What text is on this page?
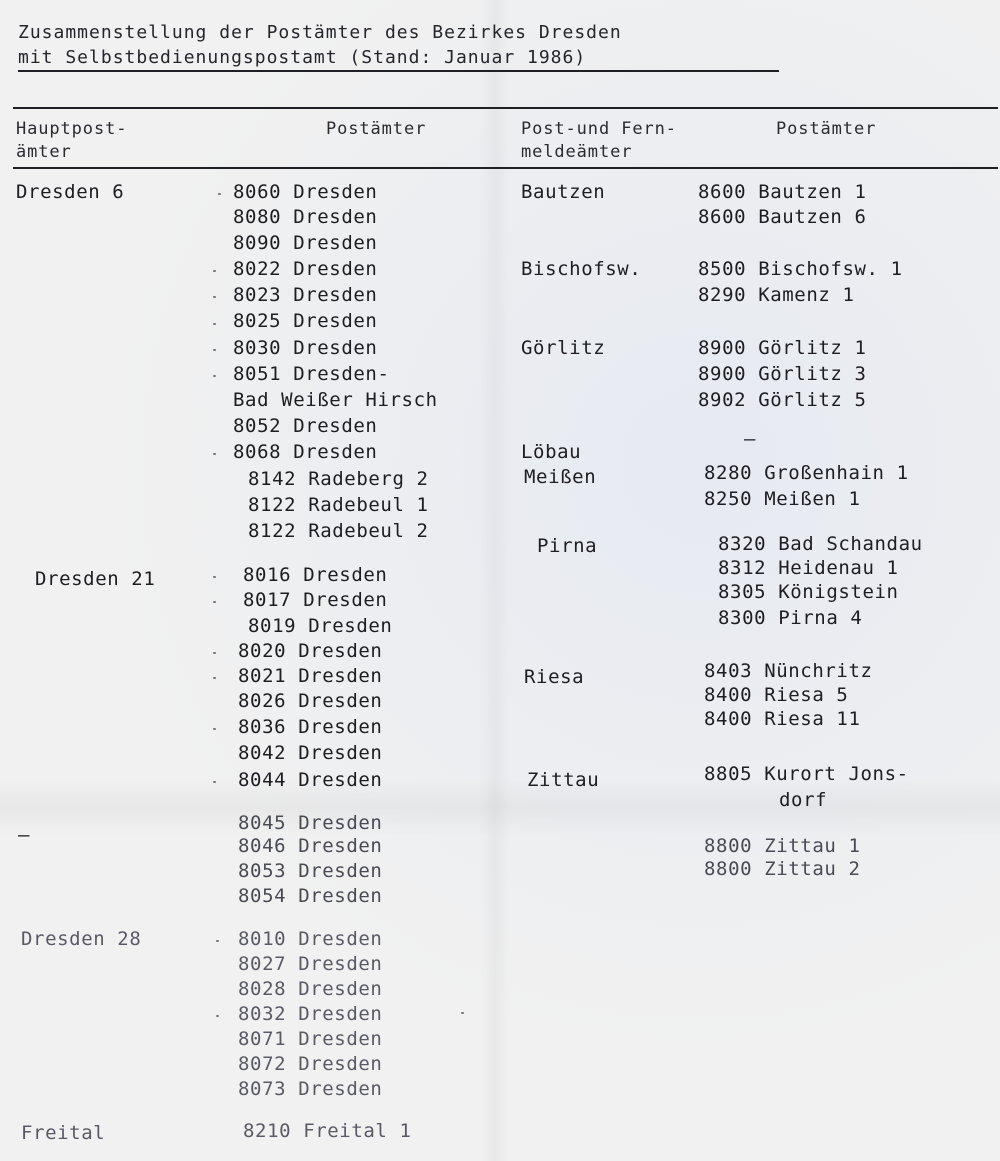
Zusammenstellung der Postämter des Bezirkes Dresden
mit Selbstbedienungspostamt (Stand: Januar 1986)
Hauptpost-
ämter
Postämter	Post-und Fern-
meldeämter
Postämter
Dresden 6	8060 Dresden
8080 Dresden
8090 Dresden
8022 Dresden
8023 Dresden
8025 Dresden
8030 Dresden
8051 Dresden-
Bad Weißer Hirsch
8052 Dresden
8068 Dresden
8142 Radeberg 2
8122 Radebeul 1
8122 Radebeul 2
Dresden 21	8016 Dresden
8017 Dresden
8019 Dresden
8020 Dresden
8021 Dresden
8026 Dresden
8036 Dresden
8042 Dresden
8044 Dresden
–
8045 Dresden
8046 Dresden
8053 Dresden
8054 Dresden
Dresden 28	8010 Dresden
8027 Dresden
8028 Dresden
8032 Dresden
8071 Dresden
8072 Dresden
8073 Dresden
Freital	8210 Freital 1
Bautzen	8600 Bautzen 1
8600 Bautzen 6
Bischofsw.	8500 Bischofsw. 1
8290 Kamenz 1
Görlitz	8900 Görlitz 1
8900 Görlitz 3
8902 Görlitz 5
Löbau
–
Meißen	8280 Großenhain 1
8250 Meißen 1
Pirna	8320 Bad Schandau
8312 Heidenau 1
8305 Königstein
8300 Pirna 4
Riesa	8403 Nünchritz
8400 Riesa 5
8400 Riesa 11
Zittau	8805 Kurort Jons-
dorf
8800 Zittau 1
8800 Zittau 2
